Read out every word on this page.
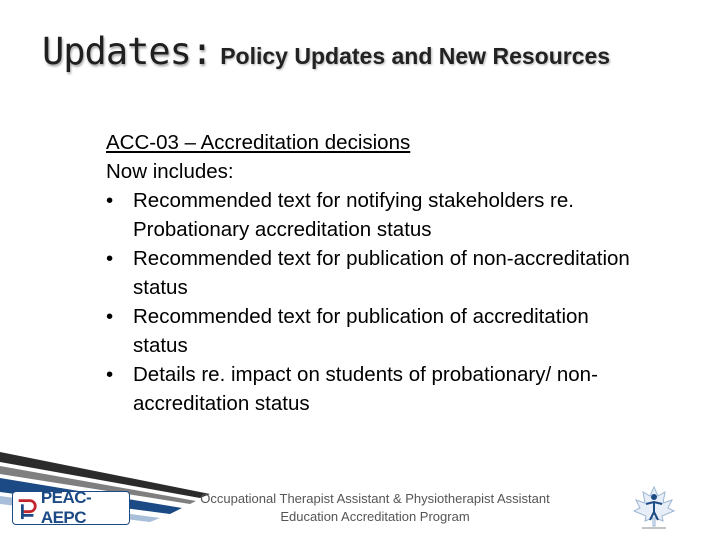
Updates: Policy Updates and New Resources
ACC-03 – Accreditation decisions
Now includes:
• Recommended text for notifying stakeholders re. Probationary accreditation status
• Recommended text for publication of non-accreditation status
• Recommended text for publication of accreditation status
• Details re. impact on students of probationary/ non-accreditation status
Occupational Therapist Assistant & Physiotherapist Assistant
Education Accreditation Program
PEAC-AEPC
